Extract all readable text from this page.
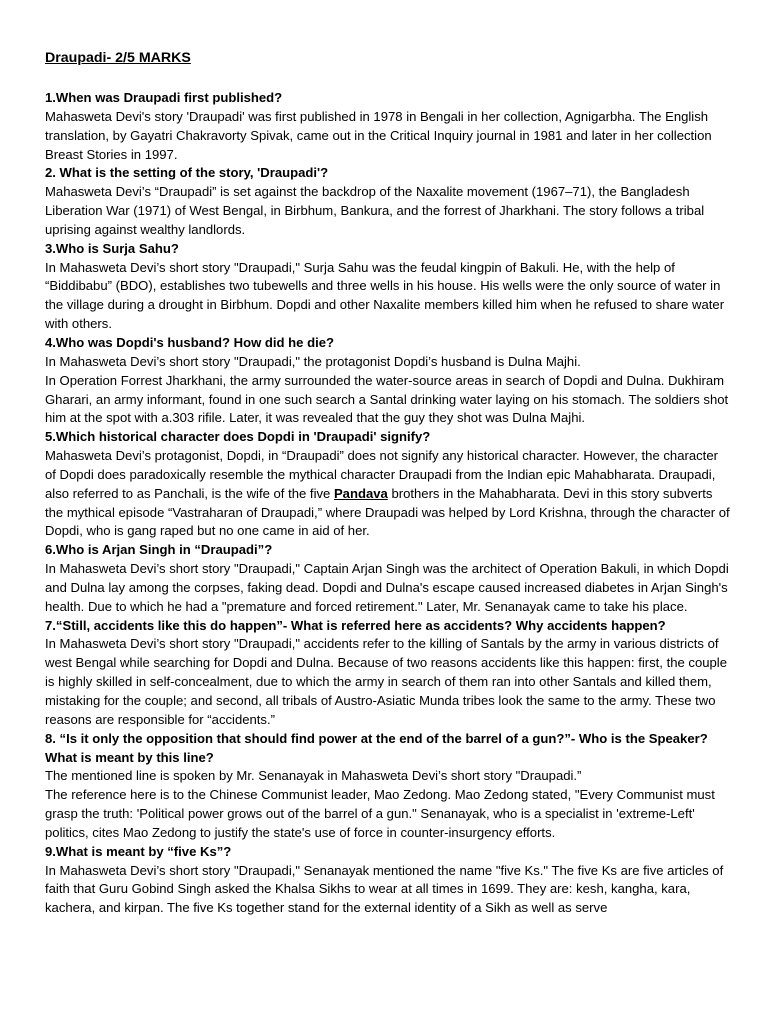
Draupadi- 2/5 MARKS

1.When was Draupadi first published?

Mahasweta Devi's story 'Draupadi' was first published in 1978 in Bengali in her collection, Agnigarbha. The English translation, by Gayatri Chakravorty Spivak, came out in the Critical Inquiry journal in 1981 and later in her collection Breast Stories in 1997.

2. What is the setting of the story, 'Draupadi'?

Mahasweta Devi’s “Draupadi” is set against the backdrop of the Naxalite movement (1967–71), the Bangladesh Liberation War (1971) of West Bengal, in Birbhum, Bankura, and the forrest of Jharkhani. The story follows a tribal uprising against wealthy landlords.

3.Who is Surja Sahu?

In Mahasweta Devi’s short story "Draupadi," Surja Sahu was the feudal kingpin of Bakuli. He, with the help of “Biddibabu” (BDO), establishes two tubewells and three wells in his house. His wells were the only source of water in the village during a drought in Birbhum. Dopdi and other Naxalite members killed him when he refused to share water with others.

4.Who was Dopdi's husband? How did he die?

In Mahasweta Devi’s short story "Draupadi," the protagonist Dopdi’s husband is Dulna Majhi.

In Operation Forrest Jharkhani, the army surrounded the water-source areas in search of Dopdi and Dulna. Dukhiram Gharari, an army informant, found in one such search a Santal drinking water laying on his stomach. The soldiers shot him at the spot with a.303 rifile. Later, it was revealed that the guy they shot was Dulna Majhi.

5.Which historical character does Dopdi in 'Draupadi' signify?

Mahasweta Devi’s protagonist, Dopdi, in “Draupadi” does not signify any historical character. However, the character of Dopdi does paradoxically resemble the mythical character Draupadi from the Indian epic Mahabharata. Draupadi, also referred to as Panchali, is the wife of the five Pandava brothers in the Mahabharata. Devi in this story subverts the mythical episode “Vastraharan of Draupadi,” where Draupadi was helped by Lord Krishna, through the character of Dopdi, who is gang raped but no one came in aid of her.

6.Who is Arjan Singh in “Draupadi”?

In Mahasweta Devi’s short story "Draupadi," Captain Arjan Singh was the architect of Operation Bakuli, in which Dopdi and Dulna lay among the corpses, faking dead. Dopdi and Dulna's escape caused increased diabetes in Arjan Singh's health. Due to which he had a "premature and forced retirement." Later, Mr. Senanayak came to take his place.

7.“Still, accidents like this do happen”- What is referred here as accidents? Why accidents happen?

In Mahasweta Devi’s short story "Draupadi," accidents refer to the killing of Santals by the army in various districts of west Bengal while searching for Dopdi and Dulna. Because of two reasons accidents like this happen: first, the couple is highly skilled in self-concealment, due to which the army in search of them ran into other Santals and killed them, mistaking for the couple; and second, all tribals of Austro-Asiatic Munda tribes look the same to the army. These two reasons are responsible for “accidents.”

8. “Is it only the opposition that should find power at the end of the barrel of a gun?”- Who is the Speaker? What is meant by this line?

The mentioned line is spoken by Mr. Senanayak in Mahasweta Devi’s short story "Draupadi.”

The reference here is to the Chinese Communist leader, Mao Zedong. Mao Zedong stated, "Every Communist must grasp the truth: 'Political power grows out of the barrel of a gun." Senanayak, who is a specialist in 'extreme-Left' politics, cites Mao Zedong to justify the state's use of force in counter-insurgency efforts.

9.What is meant by “five Ks”?

In Mahasweta Devi’s short story "Draupadi," Senanayak mentioned the name "five Ks." The five Ks are five articles of faith that Guru Gobind Singh asked the Khalsa Sikhs to wear at all times in 1699. They are: kesh, kangha, kara, kachera, and kirpan. The five Ks together stand for the external identity of a Sikh as well as serve
